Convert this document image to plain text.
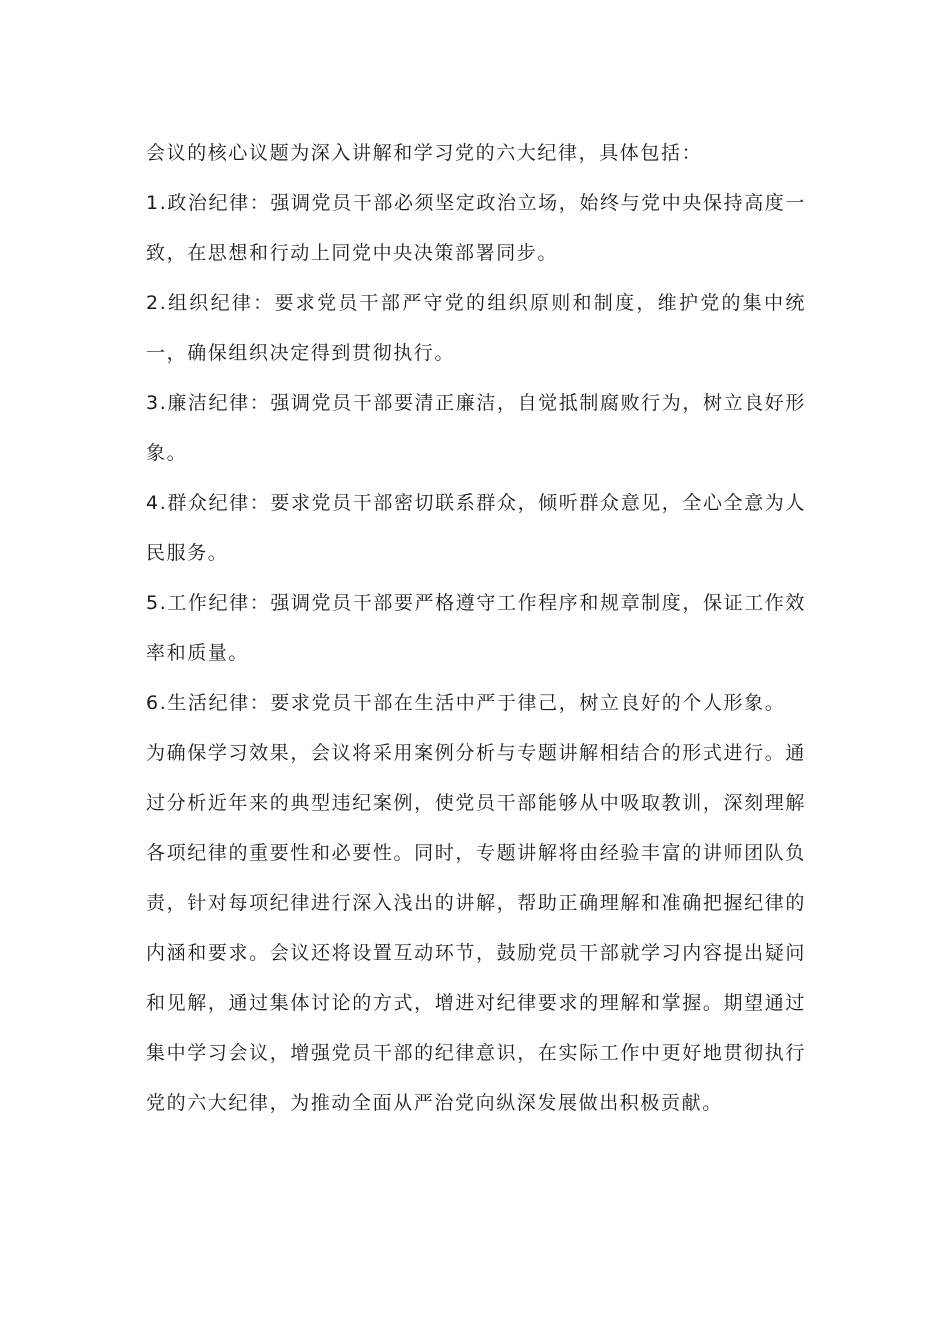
会议的核心议题为深入讲解和学习党的六大纪律，具体包括：

1.政治纪律：强调党员干部必须坚定政治立场，始终与党中央保持高度一致，在思想和行动上同党中央决策部署同步。

2.组织纪律：要求党员干部严守党的组织原则和制度，维护党的集中统一，确保组织决定得到贯彻执行。

3.廉洁纪律：强调党员干部要清正廉洁，自觉抵制腐败行为，树立良好形象。

4.群众纪律：要求党员干部密切联系群众，倾听群众意见，全心全意为人民服务。

5.工作纪律：强调党员干部要严格遵守工作程序和规章制度，保证工作效率和质量。

6.生活纪律：要求党员干部在生活中严于律己，树立良好的个人形象。

为确保学习效果，会议将采用案例分析与专题讲解相结合的形式进行。通过分析近年来的典型违纪案例，使党员干部能够从中吸取教训，深刻理解各项纪律的重要性和必要性。同时，专题讲解将由经验丰富的讲师团队负责，针对每项纪律进行深入浅出的讲解，帮助正确理解和准确把握纪律的内涵和要求。会议还将设置互动环节，鼓励党员干部就学习内容提出疑问和见解，通过集体讨论的方式，增进对纪律要求的理解和掌握。期望通过集中学习会议，增强党员干部的纪律意识，在实际工作中更好地贯彻执行党的六大纪律，为推动全面从严治党向纵深发展做出积极贡献。
